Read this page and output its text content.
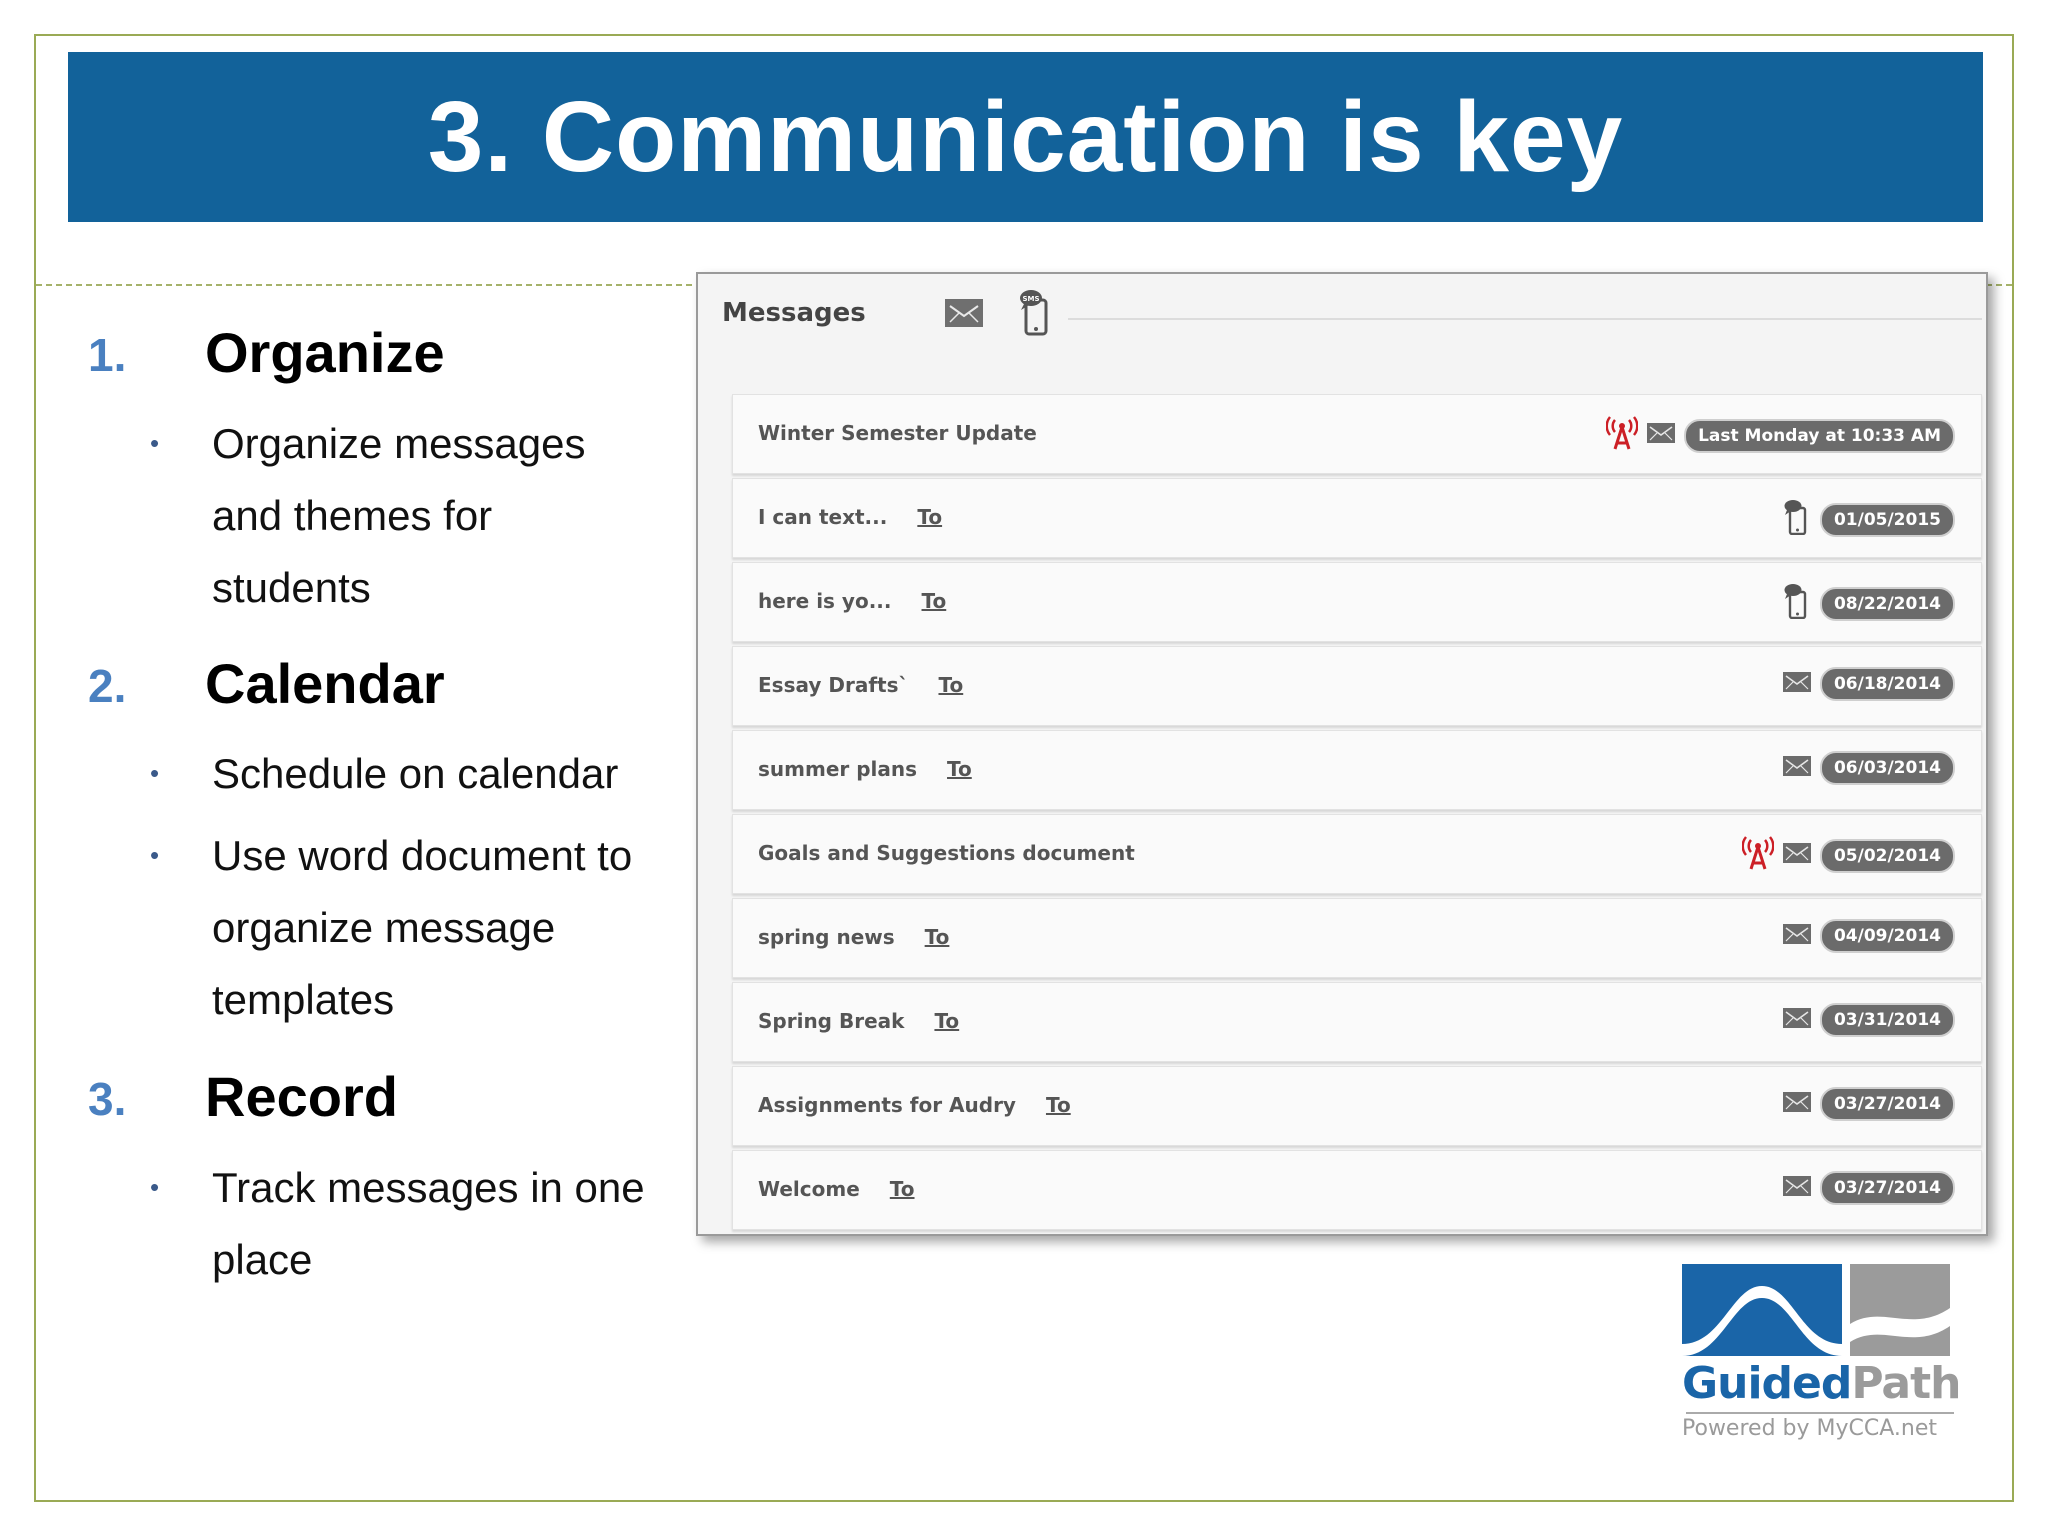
3. Communication is key
1. Organize
• Organize messages
and themes for
students
2. Calendar
• Schedule on calendar
• Use word document to
organize message
templates
3. Record
• Track messages in one
place
Messages	SMS
Winter Semester Update	Last Monday at 10:33 AM
I can text... To	01/05/2015
here is yo... To	08/22/2014
Essay Drafts` To	06/18/2014
summer plans To	06/03/2014
Goals and Suggestions document	05/02/2014
spring news To	04/09/2014
Spring Break To	03/31/2014
Assignments for Audry To	03/27/2014
Welcome To	03/27/2014
GuidedPath
Powered by MyCCA.net
